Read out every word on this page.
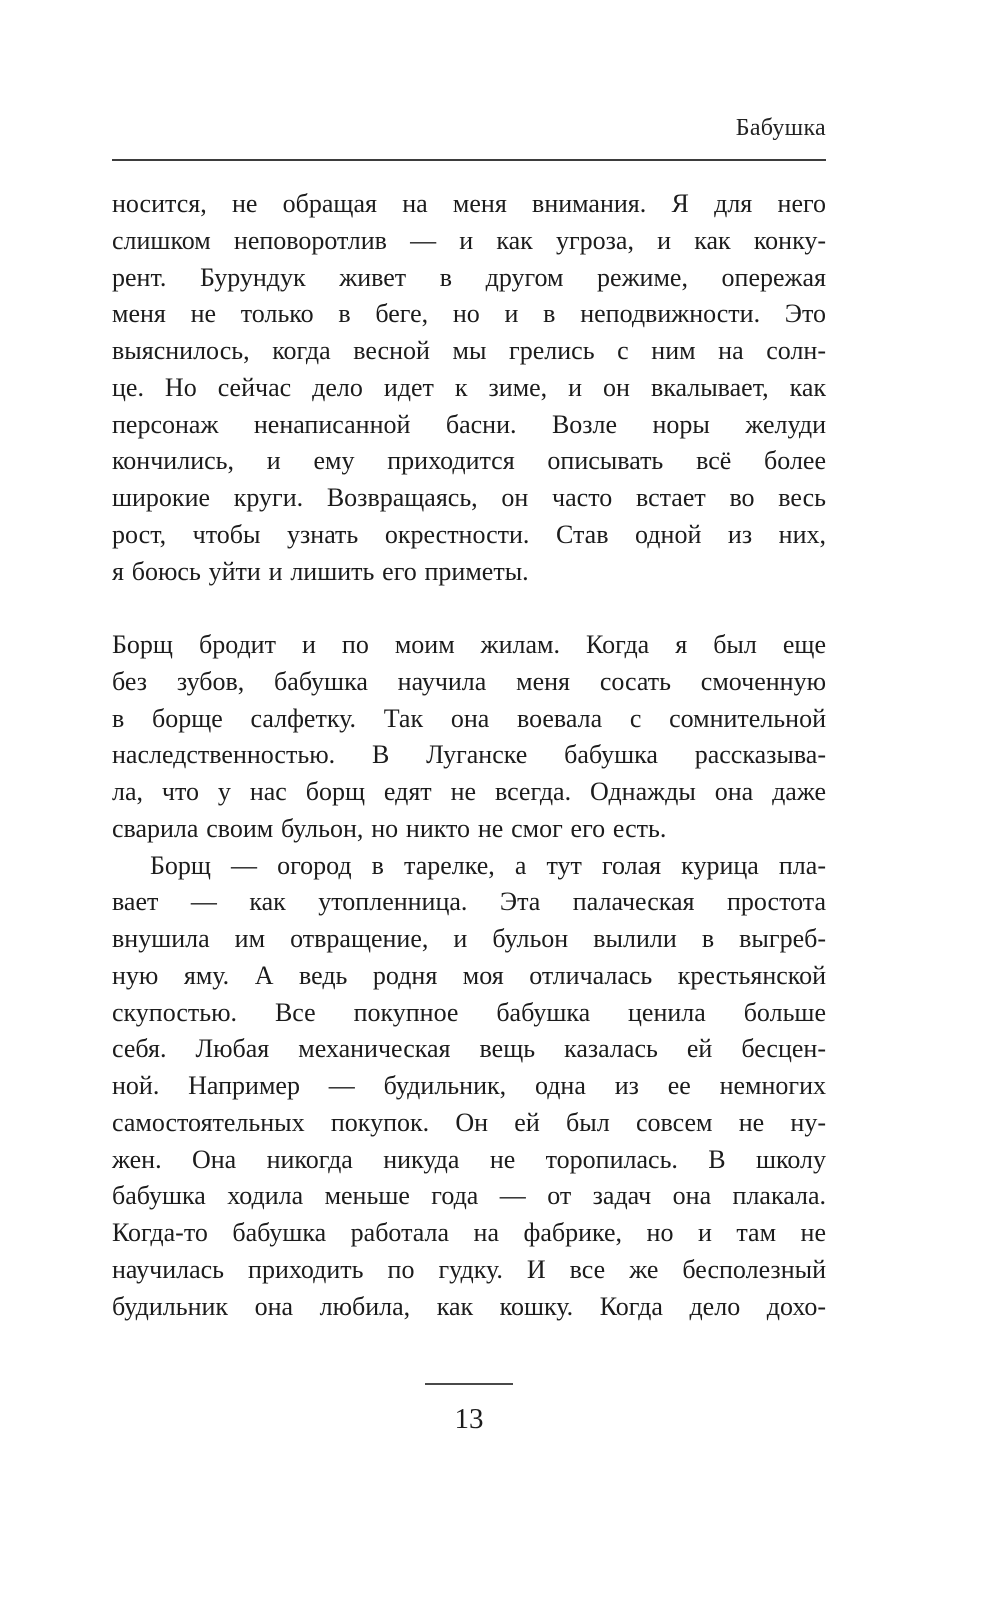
Бабушка
носится, не обращая на меня внимания. Я для него
слишком неповоротлив — и как угроза, и как конку-
рент. Бурундук живет в другом режиме, опережая
меня не только в беге, но и в неподвижности. Это
выяснилось, когда весной мы грелись с ним на солн-
це. Но сейчас дело идет к зиме, и он вкалывает, как
персонаж ненаписанной басни. Возле норы желуди
кончились, и ему приходится описывать всё более
широкие круги. Возвращаясь, он часто встает во весь
рост, чтобы узнать окрестности. Став одной из них,
я боюсь уйти и лишить его приметы.
Борщ бродит и по моим жилам. Когда я был еще
без зубов, бабушка научила меня сосать смоченную
в борще салфетку. Так она воевала с сомнительной
наследственностью. В Луганске бабушка рассказыва-
ла, что у нас борщ едят не всегда. Однажды она даже
сварила своим бульон, но никто не смог его есть.
Борщ — огород в тарелке, а тут голая курица пла-
вает — как утопленница. Эта палаческая простота
внушила им отвращение, и бульон вылили в выгреб-
ную яму. А ведь родня моя отличалась крестьянской
скупостью. Все покупное бабушка ценила больше
себя. Любая механическая вещь казалась ей бесцен-
ной. Например — будильник, одна из ее немногих
самостоятельных покупок. Он ей был совсем не ну-
жен. Она никогда никуда не торопилась. В школу
бабушка ходила меньше года — от задач она плакала.
Когда-то бабушка работала на фабрике, но и там не
научилась приходить по гудку. И все же бесполезный
будильник она любила, как кошку. Когда дело дохо-
13
